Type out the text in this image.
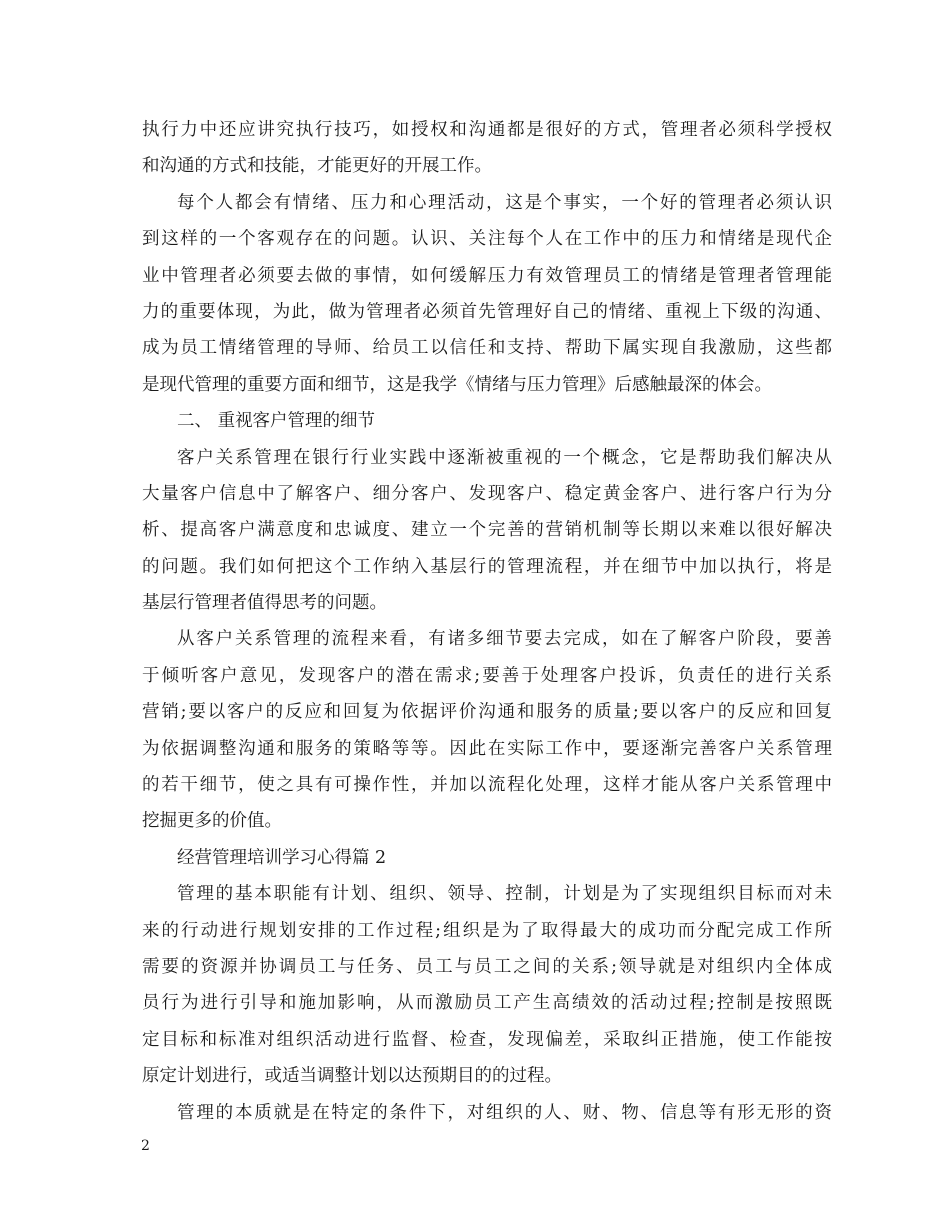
执行力中还应讲究执行技巧，如授权和沟通都是很好的方式，管理者必须科学授权
和沟通的方式和技能，才能更好的开展工作。
每个人都会有情绪、压力和心理活动，这是个事实，一个好的管理者必须认识
到这样的一个客观存在的问题。认识、关注每个人在工作中的压力和情绪是现代企
业中管理者必须要去做的事情，如何缓解压力有效管理员工的情绪是管理者管理能
力的重要体现，为此，做为管理者必须首先管理好自己的情绪、重视上下级的沟通、
成为员工情绪管理的导师、给员工以信任和支持、帮助下属实现自我激励，这些都
是现代管理的重要方面和细节，这是我学《情绪与压力管理》后感触最深的体会。
二、 重视客户管理的细节
客户关系管理在银行行业实践中逐渐被重视的一个概念，它是帮助我们解决从
大量客户信息中了解客户、细分客户、发现客户、稳定黄金客户、进行客户行为分
析、提高客户满意度和忠诚度、建立一个完善的营销机制等长期以来难以很好解决
的问题。我们如何把这个工作纳入基层行的管理流程，并在细节中加以执行，将是
基层行管理者值得思考的问题。
从客户关系管理的流程来看，有诸多细节要去完成，如在了解客户阶段，要善
于倾听客户意见，发现客户的潜在需求;要善于处理客户投诉，负责任的进行关系
营销;要以客户的反应和回复为依据评价沟通和服务的质量;要以客户的反应和回复
为依据调整沟通和服务的策略等等。因此在实际工作中，要逐渐完善客户关系管理
的若干细节，使之具有可操作性，并加以流程化处理，这样才能从客户关系管理中
挖掘更多的价值。
经营管理培训学习心得篇 2
管理的基本职能有计划、组织、领导、控制，计划是为了实现组织目标而对未
来的行动进行规划安排的工作过程;组织是为了取得最大的成功而分配完成工作所
需要的资源并协调员工与任务、员工与员工之间的关系;领导就是对组织内全体成
员行为进行引导和施加影响，从而激励员工产生高绩效的活动过程;控制是按照既
定目标和标准对组织活动进行监督、检查，发现偏差，采取纠正措施，使工作能按
原定计划进行，或适当调整计划以达预期目的的过程。
管理的本质就是在特定的条件下，对组织的人、财、物、信息等有形无形的资
2
